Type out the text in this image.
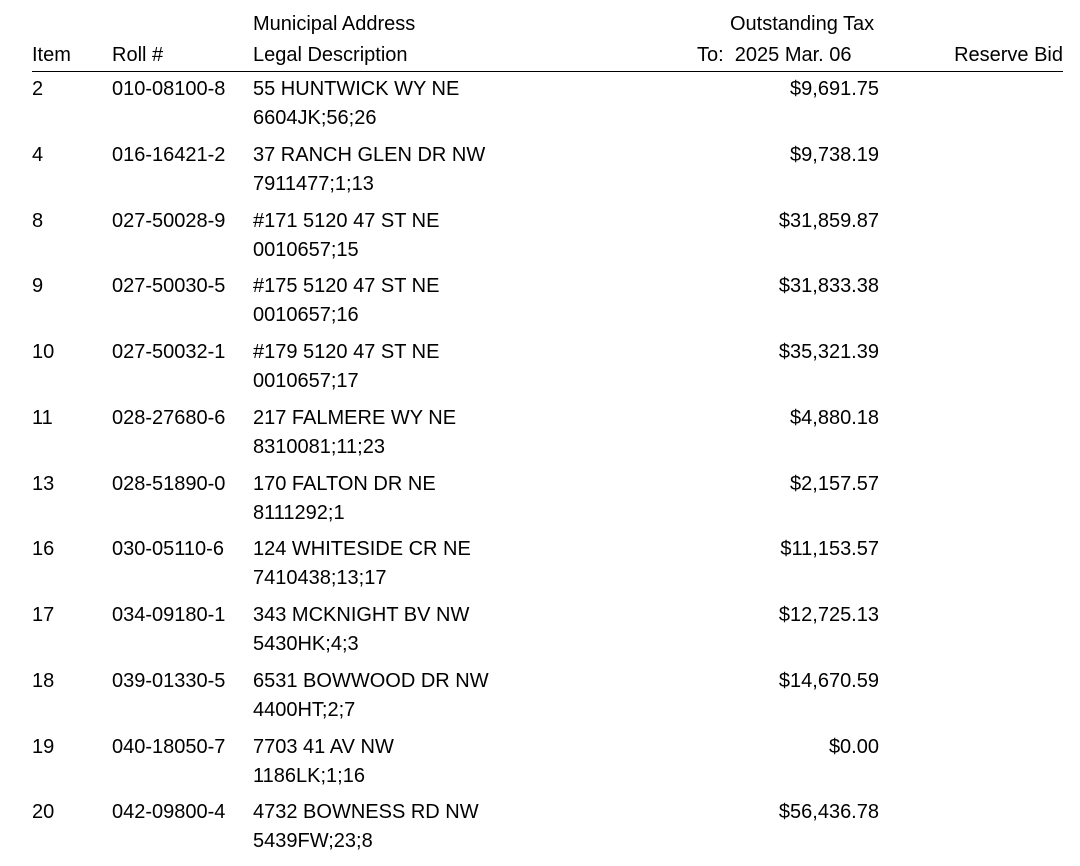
Item Roll #
Municipal Address
Legal Description
Outstanding Tax
To:  2025 Mar. 06	Reserve Bid
2	010-08100-8 55 HUNTWICK WY NE
6604JK;56;26
$9,691.75
4	016-16421-2 37 RANCH GLEN DR NW
7911477;1;13
$9,738.19
8	027-50028-9 #171 5120 47 ST NE
0010657;15
$31,859.87
9	027-50030-5 #175 5120 47 ST NE
0010657;16
$31,833.38
10	027-50032-1 #179 5120 47 ST NE
0010657;17
$35,321.39
11	028-27680-6 217 FALMERE WY NE
8310081;11;23
$4,880.18
13	028-51890-0 170 FALTON DR NE
8111292;1
$2,157.57
16	030-05110-6 124 WHITESIDE CR NE
7410438;13;17
$11,153.57
17	034-09180-1 343 MCKNIGHT BV NW
5430HK;4;3
$12,725.13
18	039-01330-5 6531 BOWWOOD DR NW
4400HT;2;7
$14,670.59
19	040-18050-7 7703 41 AV NW
1186LK;1;16
$0.00
20	042-09800-4 4732 BOWNESS RD NW
5439FW;23;8
$56,436.78
